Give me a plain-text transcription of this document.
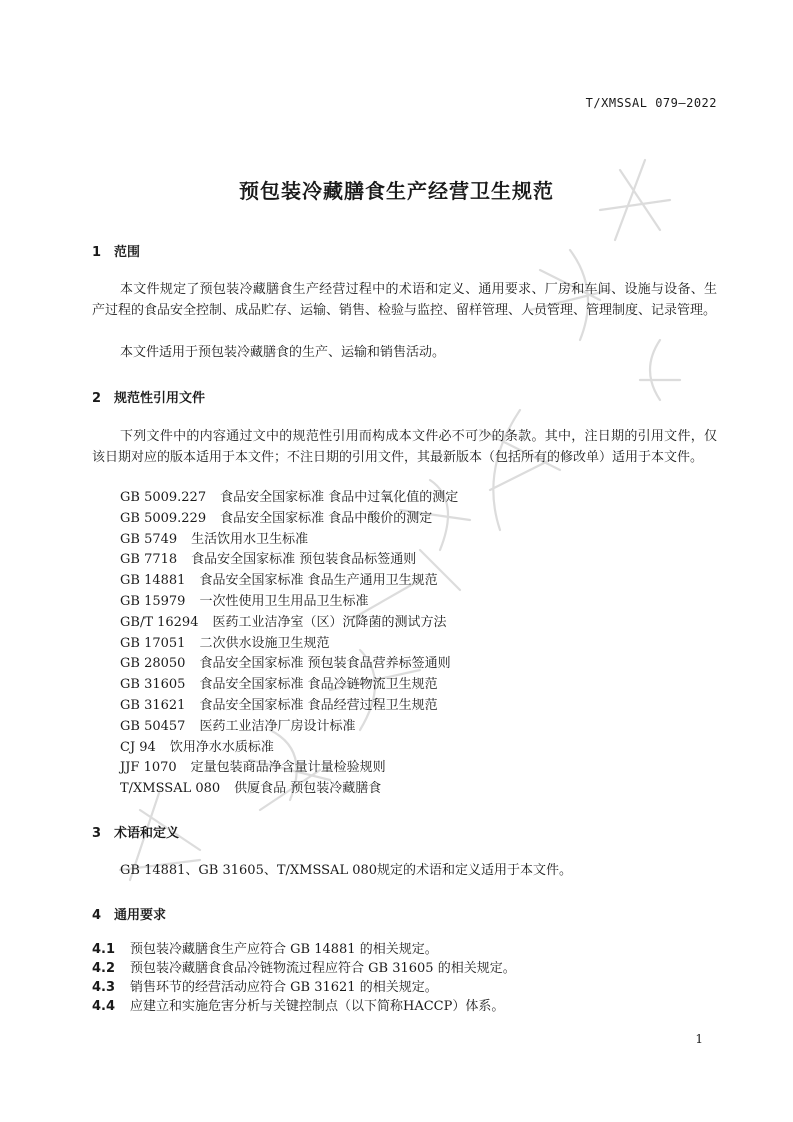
T/XMSSAL 079—2022
预包装冷藏膳食生产经营卫生规范
1 范围
本文件规定了预包装冷藏膳食生产经营过程中的术语和定义、通用要求、厂房和车间、设施与设备、生产过程的食品安全控制、成品贮存、运输、销售、检验与监控、留样管理、人员管理、管理制度、记录管理。
本文件适用于预包装冷藏膳食的生产、运输和销售活动。
2 规范性引用文件
下列文件中的内容通过文中的规范性引用而构成本文件必不可少的条款。其中，注日期的引用文件，仅该日期对应的版本适用于本文件；不注日期的引用文件，其最新版本（包括所有的修改单）适用于本文件。
GB 5009.227 食品安全国家标准 食品中过氧化值的测定
GB 5009.229 食品安全国家标准 食品中酸价的测定
GB 5749 生活饮用水卫生标准
GB 7718 食品安全国家标准 预包装食品标签通则
GB 14881 食品安全国家标准 食品生产通用卫生规范
GB 15979 一次性使用卫生用品卫生标准
GB/T 16294 医药工业洁净室（区）沉降菌的测试方法
GB 17051 二次供水设施卫生规范
GB 28050 食品安全国家标准 预包装食品营养标签通则
GB 31605 食品安全国家标准 食品冷链物流卫生规范
GB 31621 食品安全国家标准 食品经营过程卫生规范
GB 50457 医药工业洁净厂房设计标准
CJ 94 饮用净水水质标准
JJF 1070 定量包装商品净含量计量检验规则
T/XMSSAL 080 供厦食品 预包装冷藏膳食
3 术语和定义
GB 14881、GB 31605、T/XMSSAL 080规定的术语和定义适用于本文件。
4 通用要求
4.1 预包装冷藏膳食生产应符合 GB 14881 的相关规定。
4.2 预包装冷藏膳食食品冷链物流过程应符合 GB 31605 的相关规定。
4.3 销售环节的经营活动应符合 GB 31621 的相关规定。
4.4 应建立和实施危害分析与关键控制点（以下简称HACCP）体系。
1
